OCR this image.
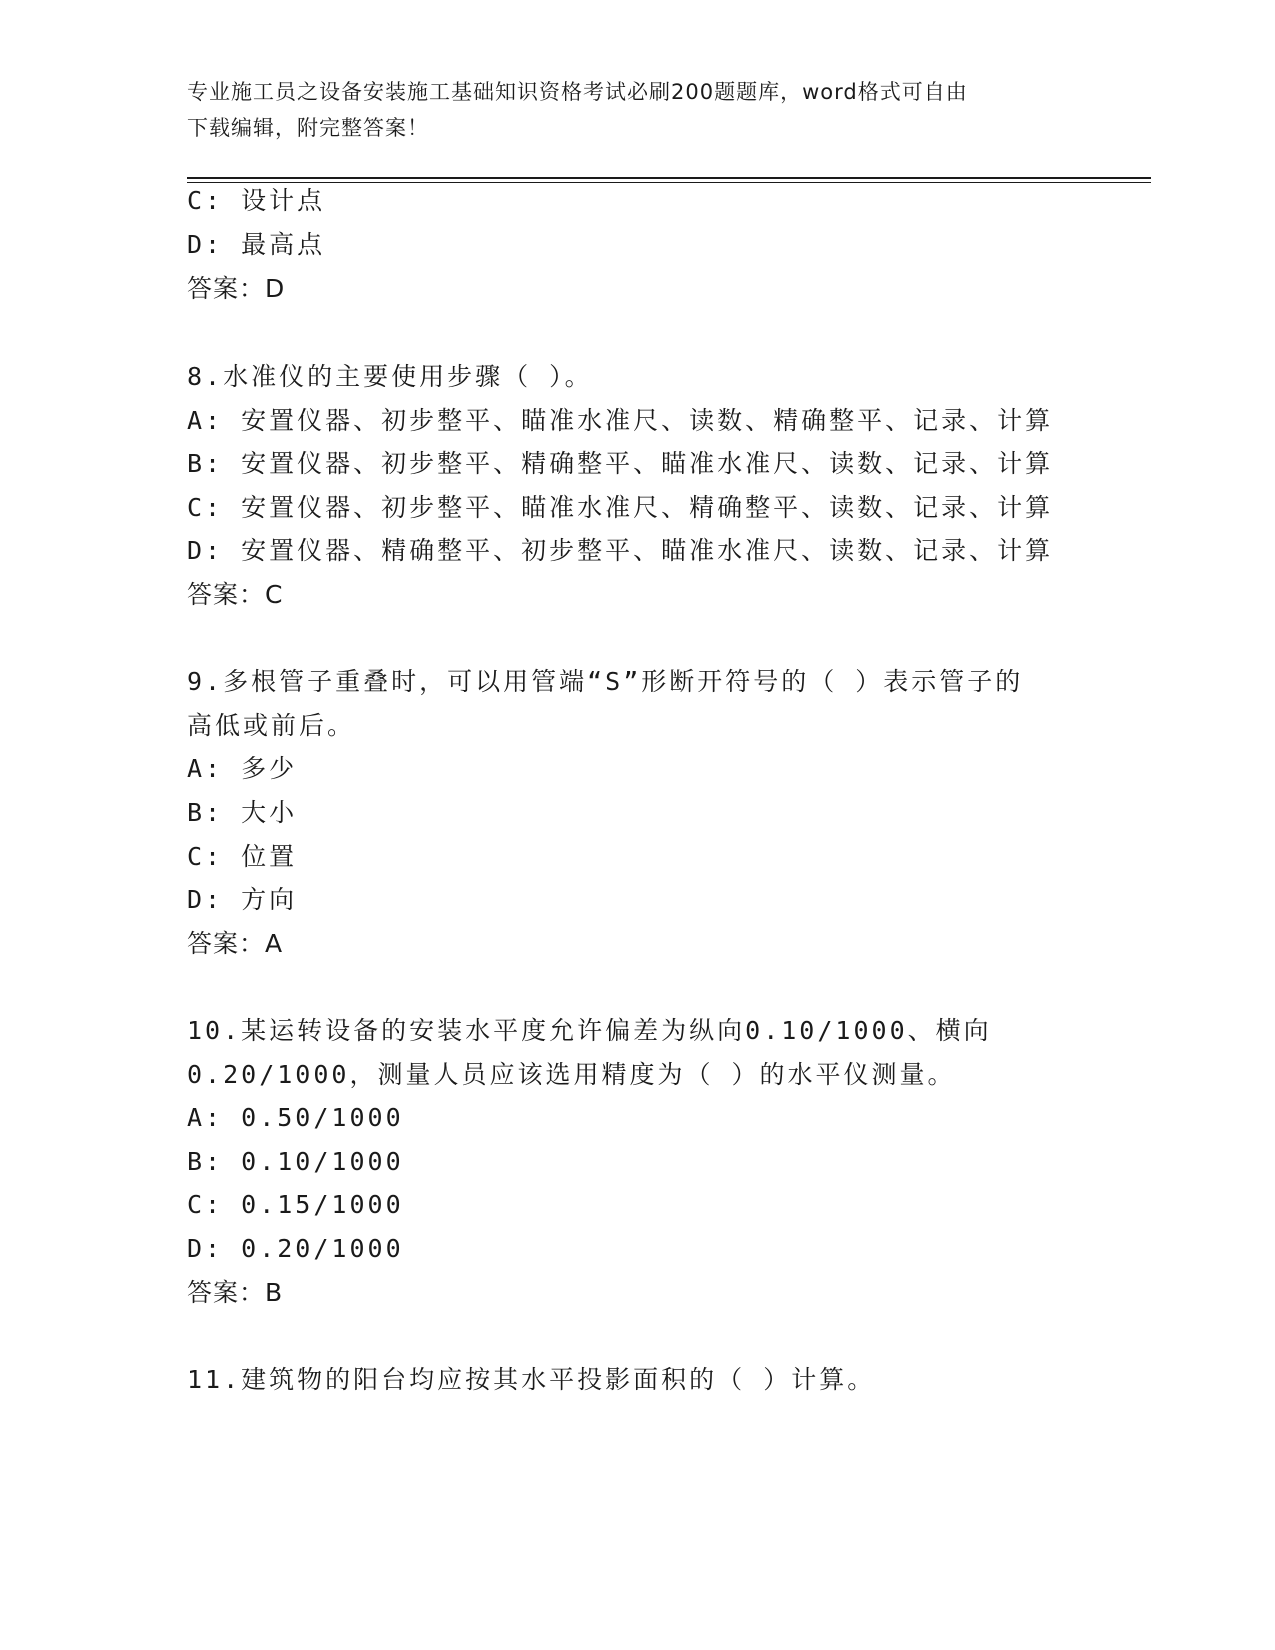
专业施工员之设备安装施工基础知识资格考试必刷200题题库，word格式可自由
下载编辑，附完整答案！
C: 设计点
D: 最高点
答案：D
8.水准仪的主要使用步骤（ ）。
A: 安置仪器、初步整平、瞄准水准尺、读数、精确整平、记录、计算
B: 安置仪器、初步整平、精确整平、瞄准水准尺、读数、记录、计算
C: 安置仪器、初步整平、瞄准水准尺、精确整平、读数、记录、计算
D: 安置仪器、精确整平、初步整平、瞄准水准尺、读数、记录、计算
答案：C
9.多根管子重叠时，可以用管端“S”形断开符号的（ ）表示管子的
高低或前后。
A: 多少
B: 大小
C: 位置
D: 方向
答案：A
10.某运转设备的安装水平度允许偏差为纵向0.10/1000、横向
0.20/1000，测量人员应该选用精度为（ ）的水平仪测量。
A: 0.50/1000
B: 0.10/1000
C: 0.15/1000
D: 0.20/1000
答案：B
11.建筑物的阳台均应按其水平投影面积的（ ）计算。
